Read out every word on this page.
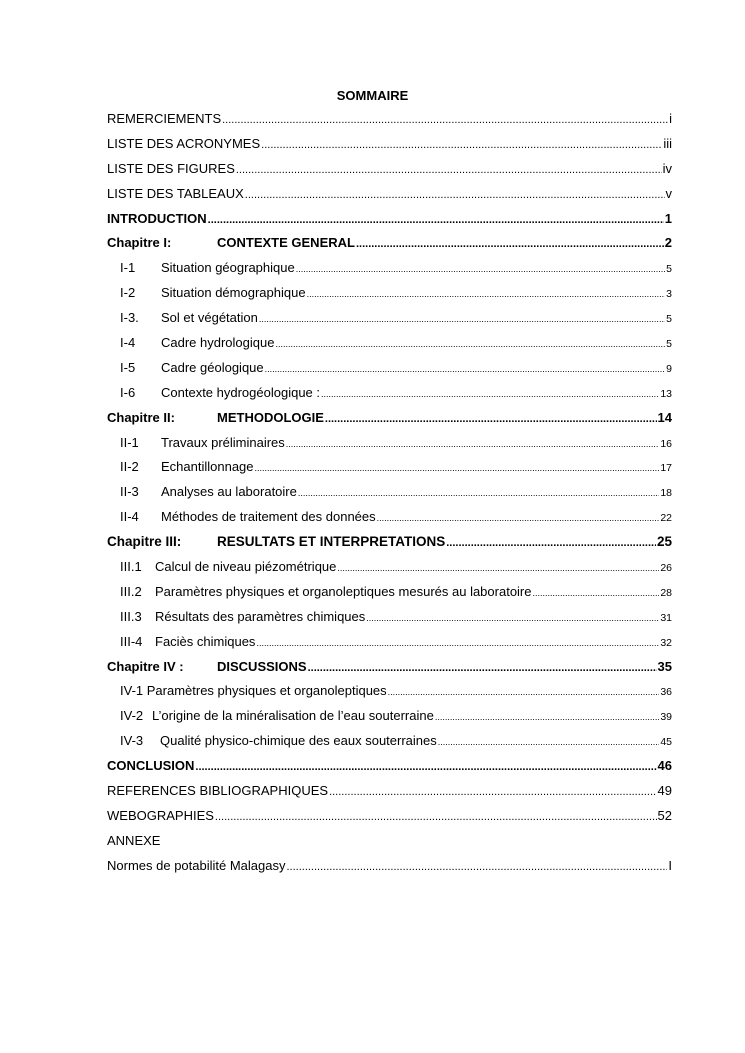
SOMMAIRE
REMERCIEMENTS .....	i
LISTE DES ACRONYMES .....	iii
LISTE DES FIGURES .....	iv
LISTE DES TABLEAUX .....	v
INTRODUCTION .....	1
Chapitre I:	CONTEXTE GENERAL .....	2
I-1	Situation géographique .....	5
I-2	Situation démographique .....	3
I-3.	Sol et végétation .....	5
I-4	Cadre hydrologique .....	5
I-5	Cadre géologique .....	9
I-6	Contexte hydrogéologique : .....	13
Chapitre II:	METHODOLOGIE .....	14
II-1	Travaux préliminaires .....	16
II-2	Echantillonnage .....	17
II-3	Analyses au laboratoire .....	18
II-4	Méthodes de traitement des données .....	22
Chapitre III:	RESULTATS ET INTERPRETATIONS .....	25
III.1	Calcul de niveau piézométrique .....	26
III.2	Paramètres physiques et organoleptiques mesurés au laboratoire .....	28
III.3	Résultats des paramètres chimiques .....	31
III-4 Faciès chimiques .....	32
Chapitre IV :	DISCUSSIONS .....	35
IV-1 Paramètres physiques et organoleptiques .....	36
IV-2 L’origine de la minéralisation de l’eau souterraine .....	39
IV-3	Qualité physico-chimique des eaux souterraines .....	45
CONCLUSION .....	46
REFERENCES BIBLIOGRAPHIQUES .....	49
WEBOGRAPHIES .....	52
ANNEXE
Normes de potabilité Malagasy .....	I
